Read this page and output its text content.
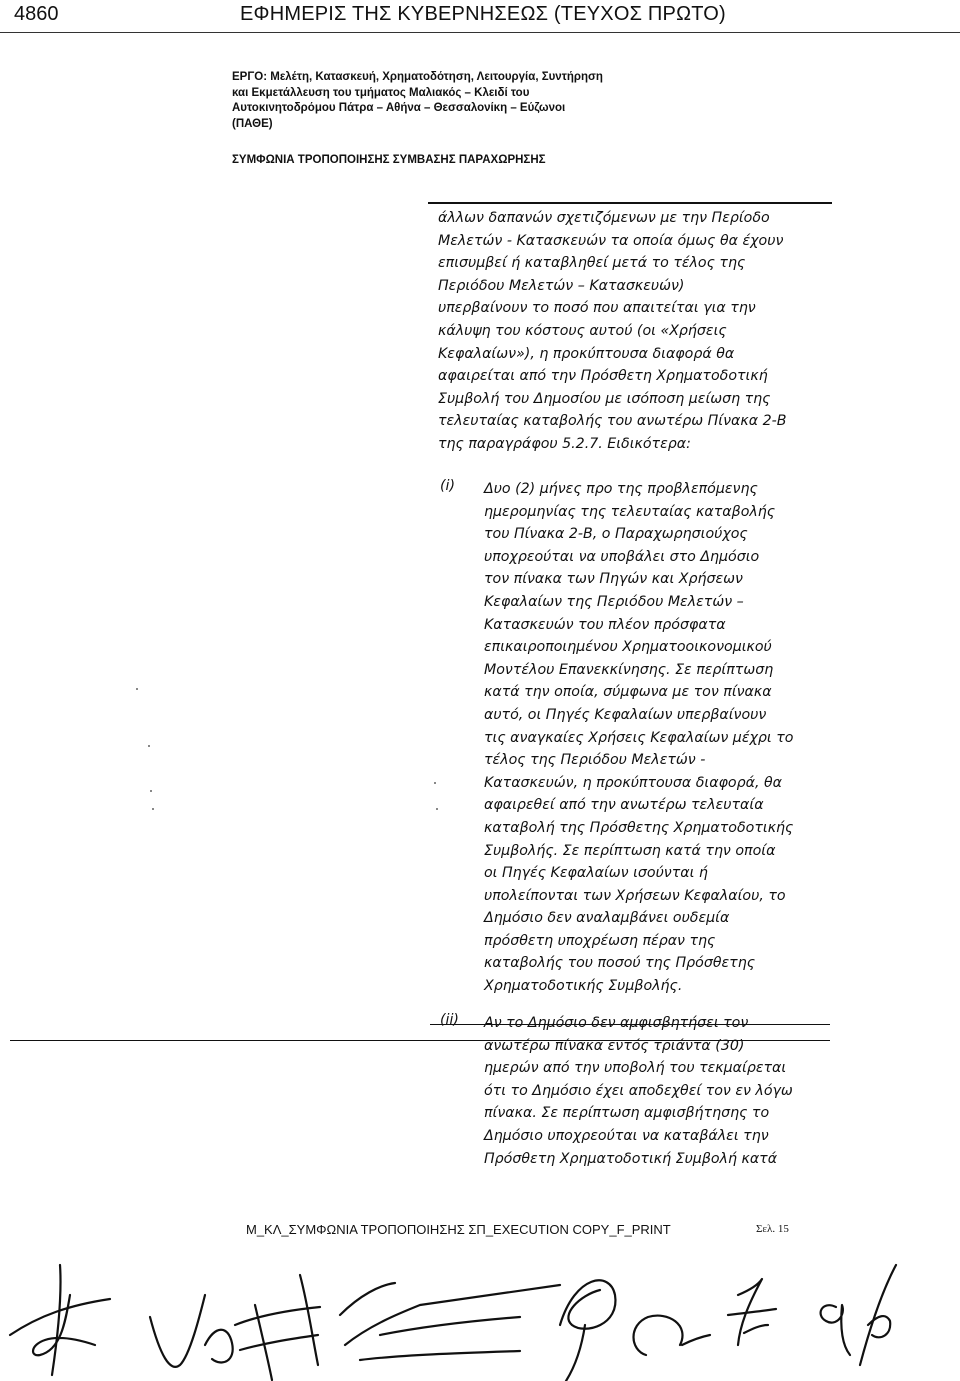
4860	ΕΦΗΜΕΡΙΣ ΤΗΣ ΚΥΒΕΡΝΗΣΕΩΣ (ΤΕΥΧΟΣ ΠΡΩΤΟ)
ΕΡΓΟ: Μελέτη, Κατασκευή, Χρηματοδότηση, Λειτουργία, Συντήρηση
και Εκμετάλλευση του τμήματος Μαλιακός – Κλειδί του
Αυτοκινητοδρόμου Πάτρα – Αθήνα – Θεσσαλονίκη – Εύζωνοι
(ΠΑΘΕ)
ΣΥΜΦΩΝΙΑ ΤΡΟΠΟΠΟΙΗΣΗΣ ΣΥΜΒΑΣΗΣ ΠΑΡΑΧΩΡΗΣΗΣ
άλλων δαπανών σχετιζόμενων με την Περίοδο
Μελετών - Κατασκευών τα οποία όμως θα έχουν
επισυμβεί ή καταβληθεί μετά το τέλος της
Περιόδου Μελετών – Κατασκευών)
υπερβαίνουν το ποσό που απαιτείται για την
κάλυψη του κόστους αυτού (οι «Χρήσεις
Κεφαλαίων»), η προκύπτουσα διαφορά θα
αφαιρείται από την Πρόσθετη Χρηματοδοτική
Συμβολή του Δημοσίου με ισόποση μείωση της
τελευταίας καταβολής του ανωτέρω Πίνακα 2-Β
της παραγράφου 5.2.7. Ειδικότερα:
(i) Δυο (2) μήνες προ της προβλεπόμενης
ημερομηνίας της τελευταίας καταβολής
του Πίνακα 2-Β, ο Παραχωρησιούχος
υποχρεούται να υποβάλει στο Δημόσιο
τον πίνακα των Πηγών και Χρήσεων
Κεφαλαίων της Περιόδου Μελετών –
Κατασκευών του πλέον πρόσφατα
επικαιροποιημένου Χρηματοοικονομικού
Μοντέλου Επανεκκίνησης. Σε περίπτωση
κατά την οποία, σύμφωνα με τον πίνακα
αυτό, οι Πηγές Κεφαλαίων υπερβαίνουν
τις αναγκαίες Χρήσεις Κεφαλαίων μέχρι το
τέλος της Περιόδου Μελετών -
Κατασκευών, η προκύπτουσα διαφορά, θα
αφαιρεθεί από την ανωτέρω τελευταία
καταβολή της Πρόσθετης Χρηματοδοτικής
Συμβολής. Σε περίπτωση κατά την οποία
οι Πηγές Κεφαλαίων ισούνται ή
υπολείπονται των Χρήσεων Κεφαλαίου, το
Δημόσιο δεν αναλαμβάνει ουδεμία
πρόσθετη υποχρέωση πέραν της
καταβολής του ποσού της Πρόσθετης
Χρηματοδοτικής Συμβολής.
(ii) Αν το Δημόσιο δεν αμφισβητήσει τον
ανωτέρω πίνακα εντός τριάντα (30)
ημερών από την υποβολή του τεκμαίρεται
ότι το Δημόσιο έχει αποδεχθεί τον εν λόγω
πίνακα. Σε περίπτωση αμφισβήτησης το
Δημόσιο υποχρεούται να καταβάλει την
Πρόσθετη Χρηματοδοτική Συμβολή κατά
Μ_ΚΛ_ΣΥΜΦΩΝΙΑ ΤΡΟΠΟΠΟΙΗΣΗΣ ΣΠ_EXECUTION COPY_F_PRINT	Σελ. 15
